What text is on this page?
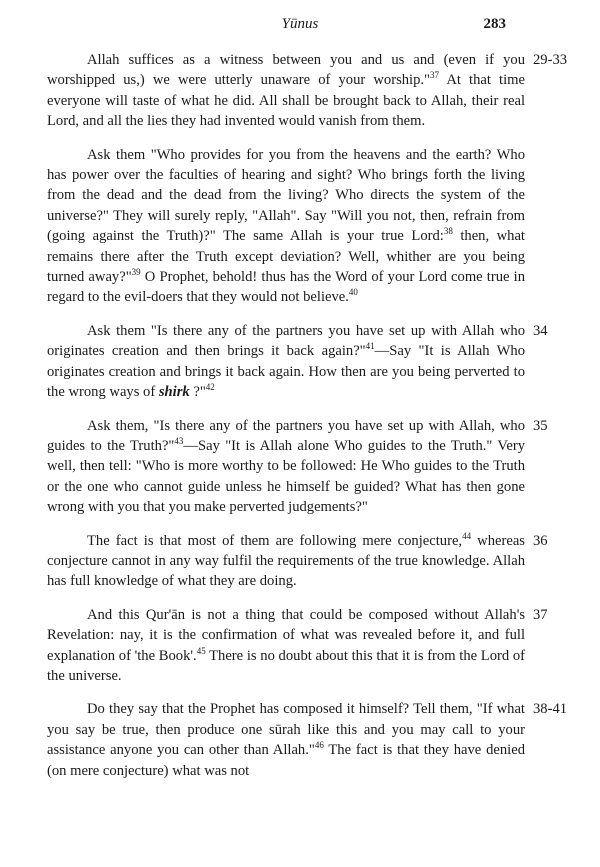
Yūnus	283

Allah suffices as a witness between you and us and (even if you worshipped us,) we were utterly unaware of your worship."$^{37}$ At that time everyone will taste of what he did. All shall be brought back to Allah, their real Lord, and all the lies they had invented would vanish from them.
29-33

Ask them "Who provides for you from the heavens and the earth? Who has power over the faculties of hearing and sight? Who brings forth the living from the dead and the dead from the living? Who directs the system of the universe?" They will surely reply, "Allah". Say "Will you not, then, refrain from (going against the Truth)?" The same Allah is your true Lord:$^{38}$ then, what remains there after the Truth except deviation? Well, whither are you being turned away?"$^{39}$ O Prophet, behold! thus has the Word of your Lord come true in regard to the evil-doers that they would not believe.$^{40}$

Ask them "Is there any of the partners you have set up with Allah who originates creation and then brings it back again?"$^{41}$—Say "It is Allah Who originates creation and brings it back again. How then are you being perverted to the wrong ways of shirk ?"$^{42}$
34

Ask them, "Is there any of the partners you have set up with Allah, who guides to the Truth?"$^{43}$—Say "It is Allah alone Who guides to the Truth." Very well, then tell: "Who is more worthy to be followed: He Who guides to the Truth or the one who cannot guide unless he himself be guided? What has then gone wrong with you that you make perverted judgements?"
35

The fact is that most of them are following mere conjecture,$^{44}$ whereas conjecture cannot in any way fulfil the requirements of the true knowledge. Allah has full knowledge of what they are doing.
36

And this Qur'ān is not a thing that could be composed without Allah's Revelation: nay, it is the confirmation of what was revealed before it, and full explanation of 'the Book'.$^{45}$ There is no doubt about this that it is from the Lord of the universe.
37

Do they say that the Prophet has composed it himself? Tell them, "If what you say be true, then produce one sūrah like this and you may call to your assistance anyone you can other than Allah."$^{46}$ The fact is that they have denied (on mere conjecture) what was not
38-41
